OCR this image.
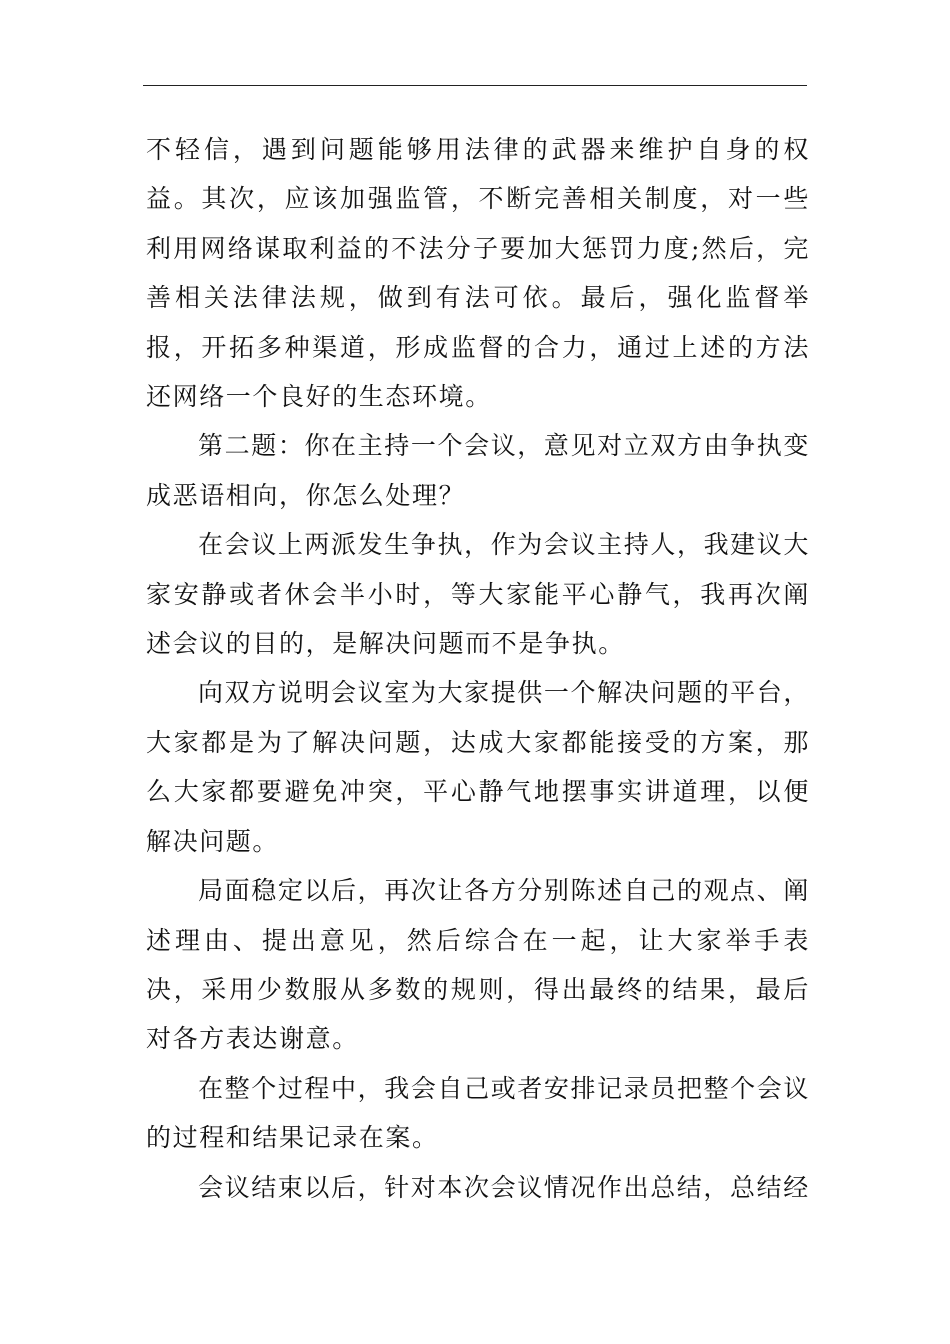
不轻信，遇到问题能够用法律的武器来维护自身的权益。其次，应该加强监管，不断完善相关制度，对一些利用网络谋取利益的不法分子要加大惩罚力度;然后，完善相关法律法规，做到有法可依。最后，强化监督举报，开拓多种渠道，形成监督的合力，通过上述的方法还网络一个良好的生态环境。

第二题：你在主持一个会议，意见对立双方由争执变成恶语相向，你怎么处理？

在会议上两派发生争执，作为会议主持人，我建议大家安静或者休会半小时，等大家能平心静气，我再次阐述会议的目的，是解决问题而不是争执。

向双方说明会议室为大家提供一个解决问题的平台，大家都是为了解决问题，达成大家都能接受的方案，那么大家都要避免冲突，平心静气地摆事实讲道理，以便解决问题。

局面稳定以后，再次让各方分别陈述自己的观点、阐述理由、提出意见，然后综合在一起，让大家举手表决，采用少数服从多数的规则，得出最终的结果，最后对各方表达谢意。

在整个过程中，我会自己或者安排记录员把整个会议的过程和结果记录在案。

会议结束以后，针对本次会议情况作出总结，总结经
